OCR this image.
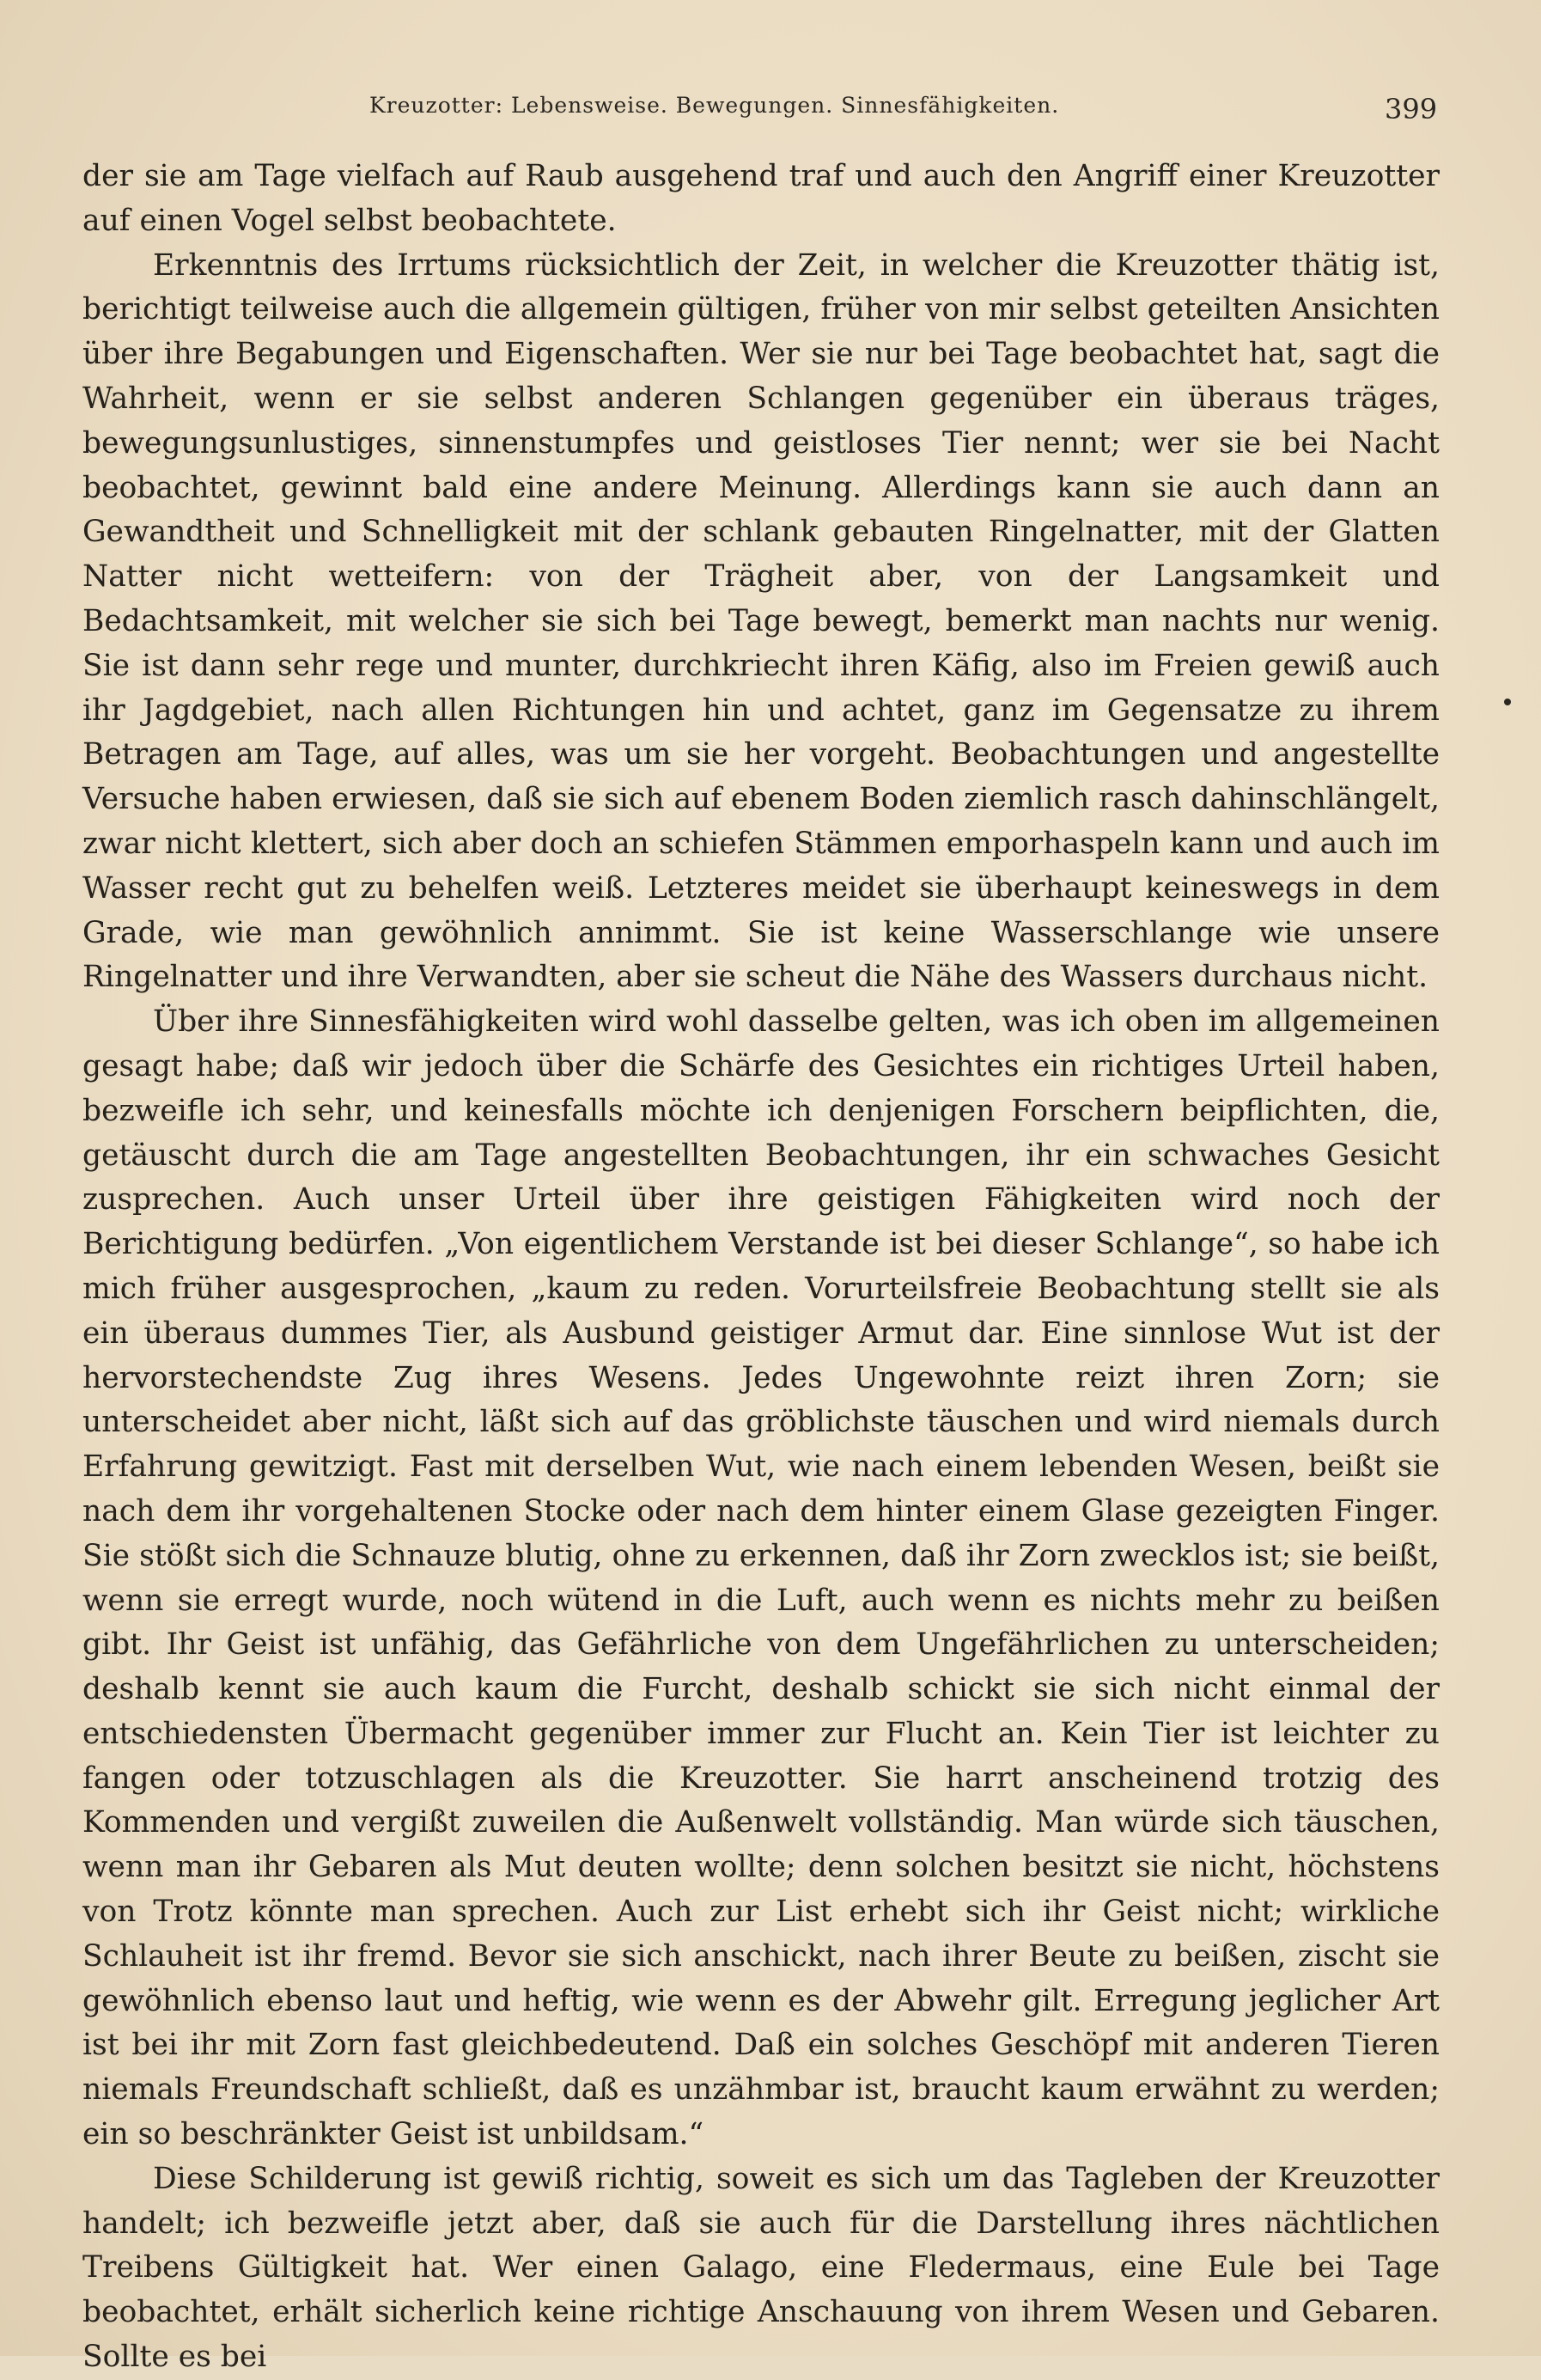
Kreuzotter: Lebensweise. Bewegungen. Sinnesfähigkeiten.	399

der sie am Tage vielfach auf Raub ausgehend traf und auch den Angriff einer Kreuzotter auf einen Vogel selbst beobachtete.

Erkenntnis des Irrtums rücksichtlich der Zeit, in welcher die Kreuzotter thätig ist, berichtigt teilweise auch die allgemein gültigen, früher von mir selbst geteilten Ansichten über ihre Begabungen und Eigenschaften. Wer sie nur bei Tage beobachtet hat, sagt die Wahrheit, wenn er sie selbst anderen Schlangen gegenüber ein überaus träges, bewegungsunlustiges, sinnenstumpfes und geistloses Tier nennt; wer sie bei Nacht beobachtet, gewinnt bald eine andere Meinung. Allerdings kann sie auch dann an Gewandtheit und Schnelligkeit mit der schlank gebauten Ringelnatter, mit der Glatten Natter nicht wetteifern: von der Trägheit aber, von der Langsamkeit und Bedachtsamkeit, mit welcher sie sich bei Tage bewegt, bemerkt man nachts nur wenig. Sie ist dann sehr rege und munter, durchkriecht ihren Käfig, also im Freien gewiß auch ihr Jagdgebiet, nach allen Richtungen hin und achtet, ganz im Gegensatze zu ihrem Betragen am Tage, auf alles, was um sie her vorgeht. Beobachtungen und angestellte Versuche haben erwiesen, daß sie sich auf ebenem Boden ziemlich rasch dahinschlängelt, zwar nicht klettert, sich aber doch an schiefen Stämmen emporhaspeln kann und auch im Wasser recht gut zu behelfen weiß. Letzteres meidet sie überhaupt keineswegs in dem Grade, wie man gewöhnlich annimmt. Sie ist keine Wasserschlange wie unsere Ringelnatter und ihre Verwandten, aber sie scheut die Nähe des Wassers durchaus nicht.

Über ihre Sinnesfähigkeiten wird wohl dasselbe gelten, was ich oben im allgemeinen gesagt habe; daß wir jedoch über die Schärfe des Gesichtes ein richtiges Urteil haben, bezweifle ich sehr, und keinesfalls möchte ich denjenigen Forschern beipflichten, die, getäuscht durch die am Tage angestellten Beobachtungen, ihr ein schwaches Gesicht zusprechen. Auch unser Urteil über ihre geistigen Fähigkeiten wird noch der Berichtigung bedürfen. „Von eigentlichem Verstande ist bei dieser Schlange“, so habe ich mich früher ausgesprochen, „kaum zu reden. Vorurteilsfreie Beobachtung stellt sie als ein überaus dummes Tier, als Ausbund geistiger Armut dar. Eine sinnlose Wut ist der hervorstechendste Zug ihres Wesens. Jedes Ungewohnte reizt ihren Zorn; sie unterscheidet aber nicht, läßt sich auf das gröblichste täuschen und wird niemals durch Erfahrung gewitzigt. Fast mit derselben Wut, wie nach einem lebenden Wesen, beißt sie nach dem ihr vorgehaltenen Stocke oder nach dem hinter einem Glase gezeigten Finger. Sie stößt sich die Schnauze blutig, ohne zu erkennen, daß ihr Zorn zwecklos ist; sie beißt, wenn sie erregt wurde, noch wütend in die Luft, auch wenn es nichts mehr zu beißen gibt. Ihr Geist ist unfähig, das Gefährliche von dem Ungefährlichen zu unterscheiden; deshalb kennt sie auch kaum die Furcht, deshalb schickt sie sich nicht einmal der entschiedensten Übermacht gegenüber immer zur Flucht an. Kein Tier ist leichter zu fangen oder totzuschlagen als die Kreuzotter. Sie harrt anscheinend trotzig des Kommenden und vergißt zuweilen die Außenwelt vollständig. Man würde sich täuschen, wenn man ihr Gebaren als Mut deuten wollte; denn solchen besitzt sie nicht, höchstens von Trotz könnte man sprechen. Auch zur List erhebt sich ihr Geist nicht; wirkliche Schlauheit ist ihr fremd. Bevor sie sich anschickt, nach ihrer Beute zu beißen, zischt sie gewöhnlich ebenso laut und heftig, wie wenn es der Abwehr gilt. Erregung jeglicher Art ist bei ihr mit Zorn fast gleichbedeutend. Daß ein solches Geschöpf mit anderen Tieren niemals Freundschaft schließt, daß es unzähmbar ist, braucht kaum erwähnt zu werden; ein so beschränkter Geist ist unbildsam.“

Diese Schilderung ist gewiß richtig, soweit es sich um das Tagleben der Kreuzotter handelt; ich bezweifle jetzt aber, daß sie auch für die Darstellung ihres nächtlichen Treibens Gültigkeit hat. Wer einen Galago, eine Fledermaus, eine Eule bei Tage beobachtet, erhält sicherlich keine richtige Anschauung von ihrem Wesen und Gebaren. Sollte es bei
